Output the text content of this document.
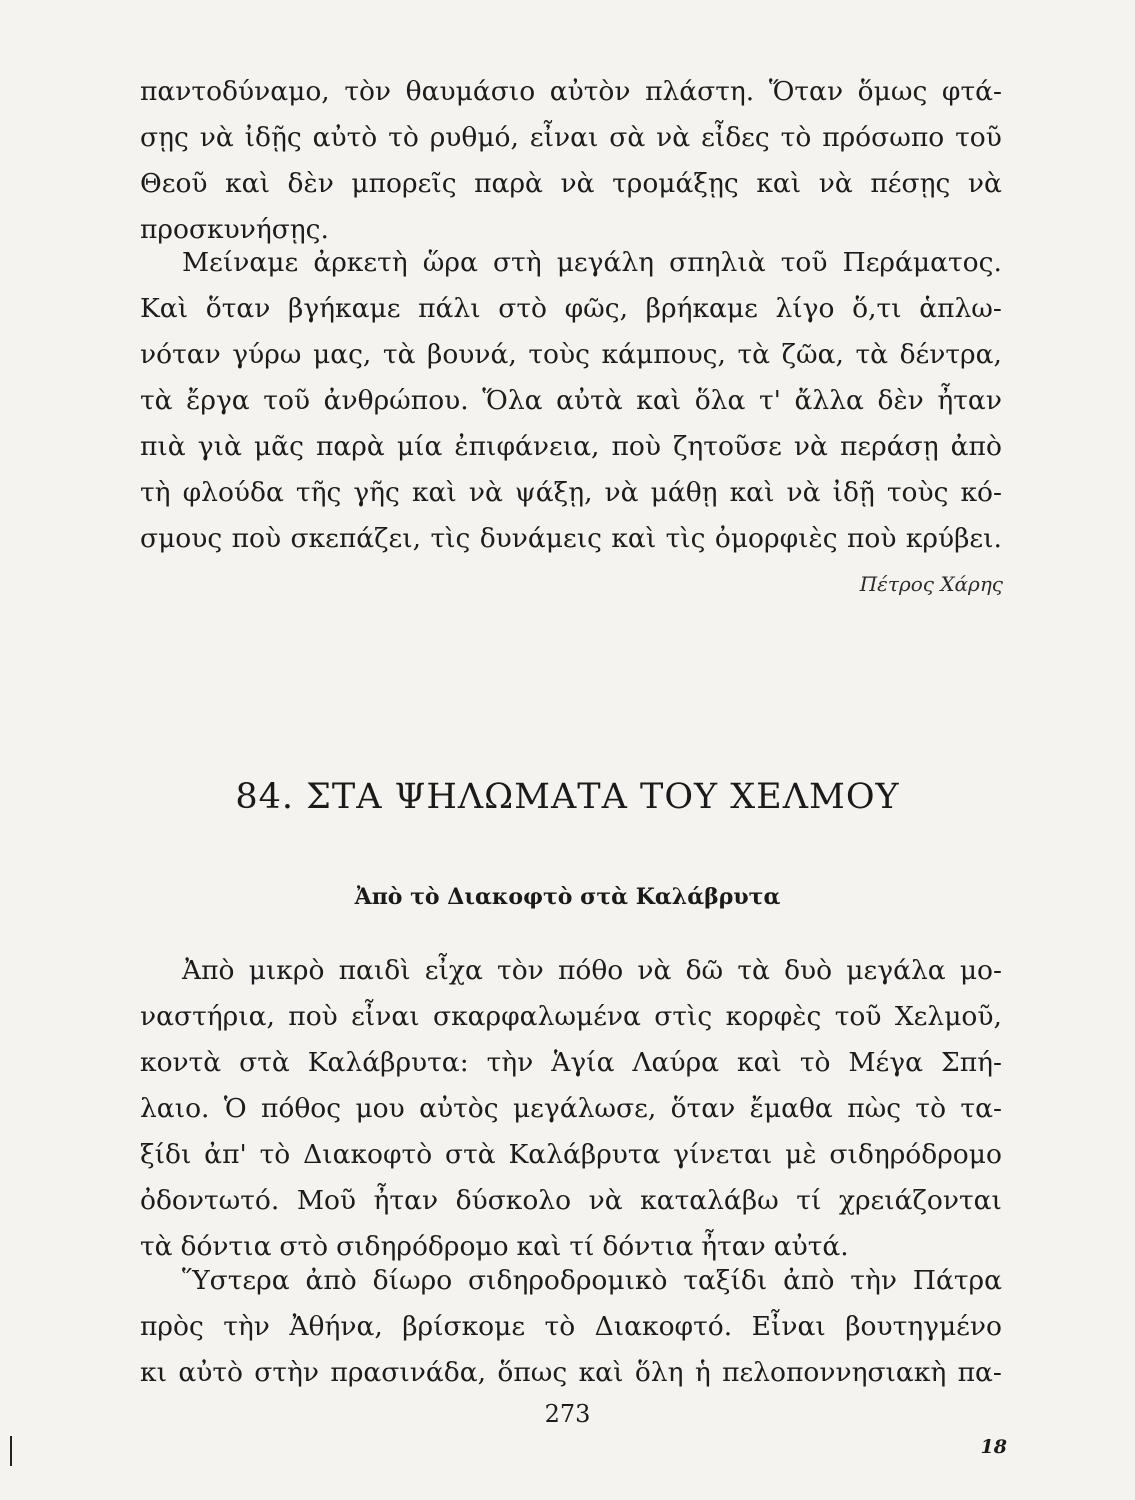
παντοδύναμο, τὸν θαυμάσιο αὐτὸν πλάστη. Ὅταν ὅμως φτά-
σῃς νὰ ἰδῇς αὐτὸ τὸ ρυθμό, εἶναι σὰ νὰ εἶδες τὸ πρόσωπο τοῦ
Θεοῦ καὶ δὲν μπορεῖς παρὰ νὰ τρομάξῃς καὶ νὰ πέσῃς νὰ
προσκυνήσῃς.
Μείναμε ἀρκετὴ ὥρα στὴ μεγάλη σπηλιὰ τοῦ Περάματος.
Καὶ ὅταν βγήκαμε πάλι στὸ φῶς, βρήκαμε λίγο ὅ,τι ἁπλω-
νόταν γύρω μας, τὰ βουνά, τοὺς κάμπους, τὰ ζῶα, τὰ δέντρα,
τὰ ἔργα τοῦ ἀνθρώπου. Ὅλα αὐτὰ καὶ ὅλα τ' ἄλλα δὲν ἦταν
πιὰ γιὰ μᾶς παρὰ μία ἐπιφάνεια, ποὺ ζητοῦσε νὰ περάσῃ ἀπὸ
τὴ φλούδα τῆς γῆς καὶ νὰ ψάξῃ, νὰ μάθῃ καὶ νὰ ἰδῇ τοὺς κό-
σμους ποὺ σκεπάζει, τὶς δυνάμεις καὶ τὶς ὀμορφιὲς ποὺ κρύβει.
Πέτρος Χάρης
84. ΣΤΑ ΨΗΛΩΜΑΤΑ ΤΟΥ ΧΕΛΜΟΥ
Ἀπὸ τὸ Διακοφτὸ στὰ Καλάβρυτα
Ἀπὸ μικρὸ παιδὶ εἶχα τὸν πόθο νὰ δῶ τὰ δυὸ μεγάλα μο-
ναστήρια, ποὺ εἶναι σκαρφαλωμένα στὶς κορφὲς τοῦ Χελμοῦ,
κοντὰ στὰ Καλάβρυτα: τὴν Ἁγία Λαύρα καὶ τὸ Μέγα Σπή-
λαιο. Ὁ πόθος μου αὐτὸς μεγάλωσε, ὅταν ἔμαθα πὼς τὸ τα-
ξίδι ἀπ' τὸ Διακοφτὸ στὰ Καλάβρυτα γίνεται μὲ σιδηρόδρομο
ὀδοντωτό. Μοῦ ἦταν δύσκολο νὰ καταλάβω τί χρειάζονται
τὰ δόντια στὸ σιδηρόδρομο καὶ τί δόντια ἦταν αὐτά.
Ὕστερα ἀπὸ δίωρο σιδηροδρομικὸ ταξίδι ἀπὸ τὴν Πάτρα
πρὸς τὴν Ἀθήνα, βρίσκομε τὸ Διακοφτό. Εἶναι βουτηγμένο
κι αὐτὸ στὴν πρασινάδα, ὅπως καὶ ὅλη ἡ πελοποννησιακὴ πα-
273
18
